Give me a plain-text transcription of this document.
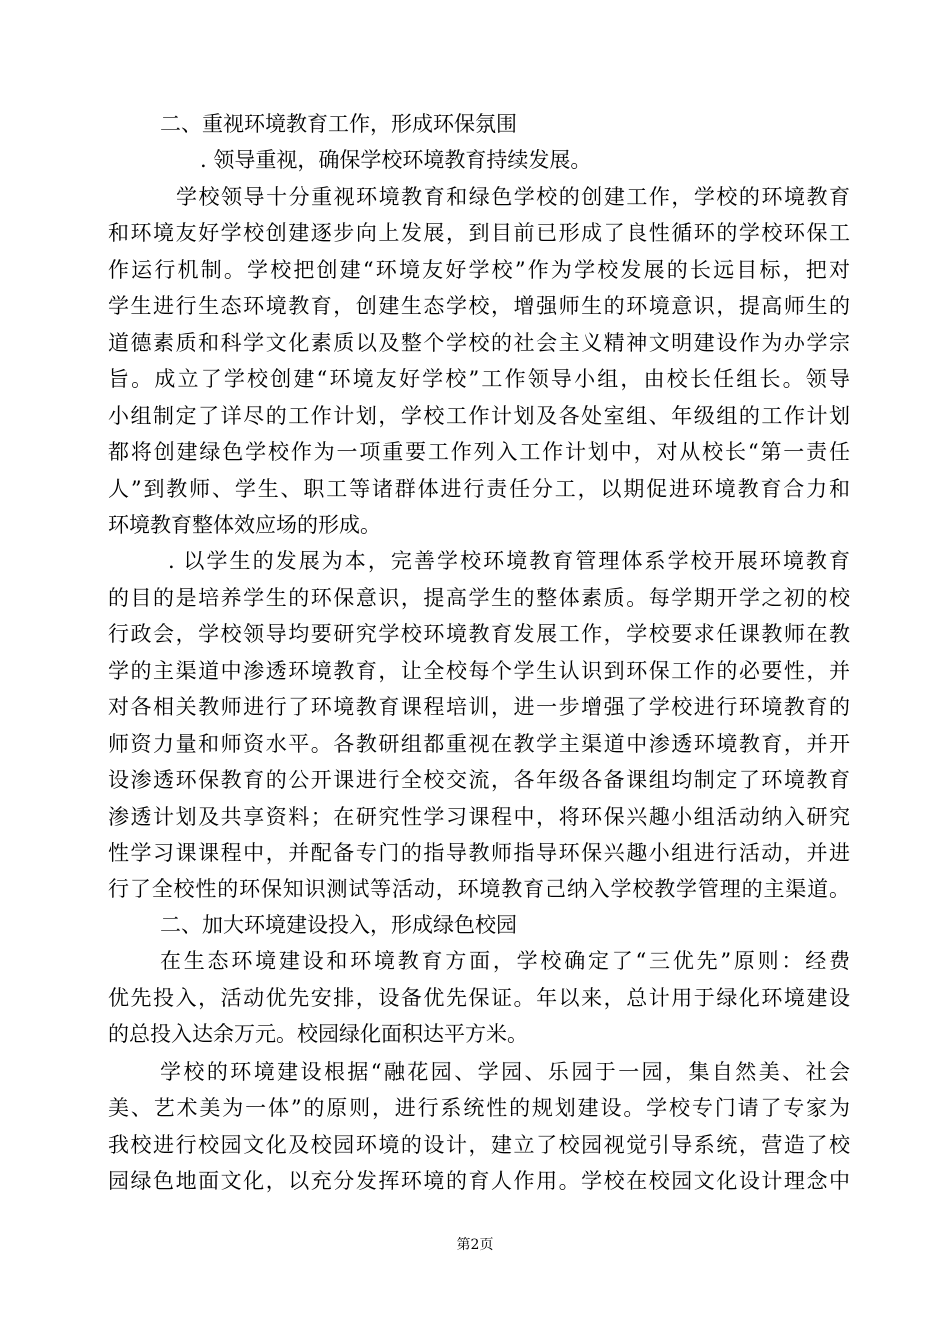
二、重视环境教育工作，形成环保氛围
. 领导重视，确保学校环境教育持续发展。
学校领导十分重视环境教育和绿色学校的创建工作，学校的环境教育
和环境友好学校创建逐步向上发展，到目前已形成了良性循环的学校环保工
作运行机制。学校把创建“环境友好学校”作为学校发展的长远目标，把对
学生进行生态环境教育，创建生态学校，增强师生的环境意识，提高师生的
道德素质和科学文化素质以及整个学校的社会主义精神文明建设作为办学宗
旨。成立了学校创建“环境友好学校”工作领导小组，由校长任组长。领导
小组制定了详尽的工作计划，学校工作计划及各处室组、年级组的工作计划
都将创建绿色学校作为一项重要工作列入工作计划中，对从校长“第一责任
人”到教师、学生、职工等诸群体进行责任分工，以期促进环境教育合力和
环境教育整体效应场的形成。
. 以学生的发展为本，完善学校环境教育管理体系学校开展环境教育
的目的是培养学生的环保意识，提高学生的整体素质。每学期开学之初的校
行政会，学校领导均要研究学校环境教育发展工作，学校要求任课教师在教
学的主渠道中渗透环境教育，让全校每个学生认识到环保工作的必要性，并
对各相关教师进行了环境教育课程培训，进一步增强了学校进行环境教育的
师资力量和师资水平。各教研组都重视在教学主渠道中渗透环境教育，并开
设渗透环保教育的公开课进行全校交流，各年级各备课组均制定了环境教育
渗透计划及共享资料；在研究性学习课程中，将环保兴趣小组活动纳入研究
性学习课课程中，并配备专门的指导教师指导环保兴趣小组进行活动，并进
行了全校性的环保知识测试等活动，环境教育己纳入学校教学管理的主渠道。
二、加大环境建设投入，形成绿色校园
在生态环境建设和环境教育方面，学校确定了“三优先”原则：经费
优先投入，活动优先安排，设备优先保证。年以来，总计用于绿化环境建设
的总投入达余万元。校园绿化面积达平方米。
学校的环境建设根据“融花园、学园、乐园于一园，集自然美、社会
美、艺术美为一体”的原则，进行系统性的规划建设。学校专门请了专家为
我校进行校园文化及校园环境的设计，建立了校园视觉引导系统，营造了校
园绿色地面文化，以充分发挥环境的育人作用。学校在校园文化设计理念中
第2页
